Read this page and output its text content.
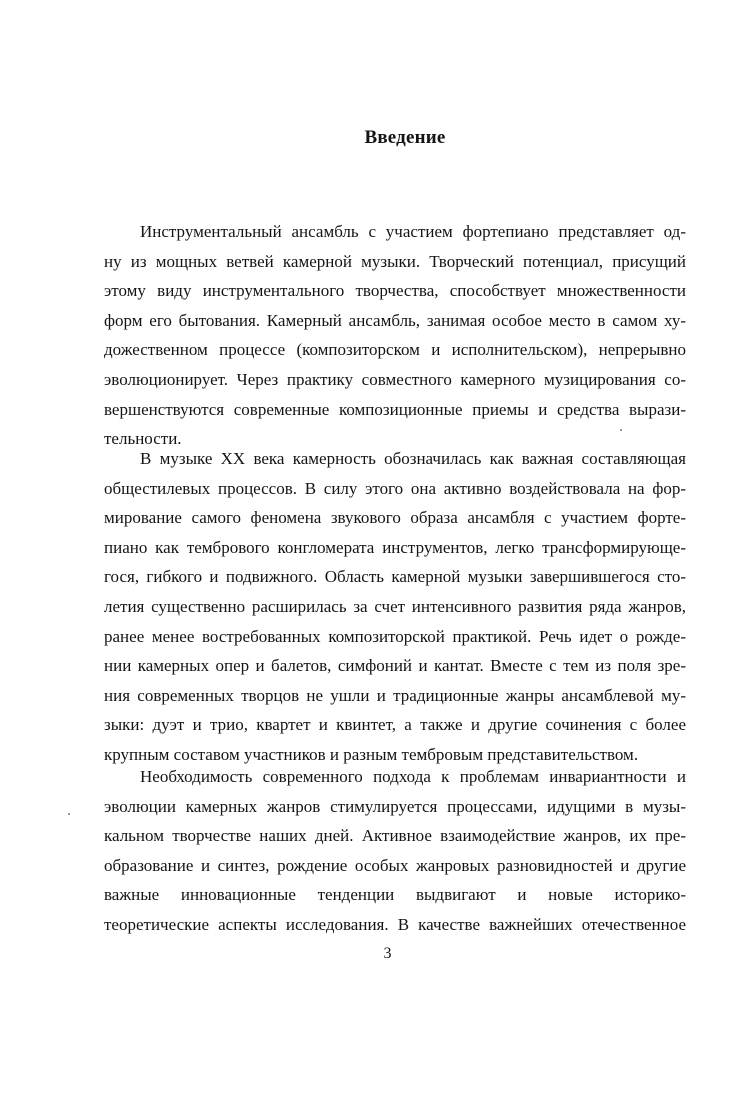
Введение
Инструментальный ансамбль с участием фортепиано представляет од-
ну из мощных ветвей камерной музыки. Творческий потенциал, присущий
этому виду инструментального творчества, способствует множественности
форм его бытования. Камерный ансамбль, занимая особое место в самом ху-
дожественном процессе (композиторском и исполнительском), непрерывно
эволюционирует. Через практику совместного камерного музицирования со-
вершенствуются современные композиционные приемы и средства вырази-
тельности.
В музыке XX века камерность обозначилась как важная составляющая
общестилевых процессов. В силу этого она активно воздействовала на фор-
мирование самого феномена звукового образа ансамбля с участием форте-
пиано как тембрового конгломерата инструментов, легко трансформирующе-
гося, гибкого и подвижного. Область камерной музыки завершившегося сто-
летия существенно расширилась за счет интенсивного развития ряда жанров,
ранее менее востребованных композиторской практикой. Речь идет о рожде-
нии камерных опер и балетов, симфоний и кантат. Вместе с тем из поля зре-
ния современных творцов не ушли и традиционные жанры ансамблевой му-
зыки: дуэт и трио, квартет и квинтет, а также и другие сочинения с более
крупным составом участников и разным тембровым представительством.
Необходимость современного подхода к проблемам инвариантности и
эволюции камерных жанров стимулируется процессами, идущими в музы-
кальном творчестве наших дней. Активное взаимодействие жанров, их пре-
образование и синтез, рождение особых жанровых разновидностей и другие
важные инновационные тенденции выдвигают и новые историко-
теоретические аспекты исследования. В качестве важнейших отечественное
3
